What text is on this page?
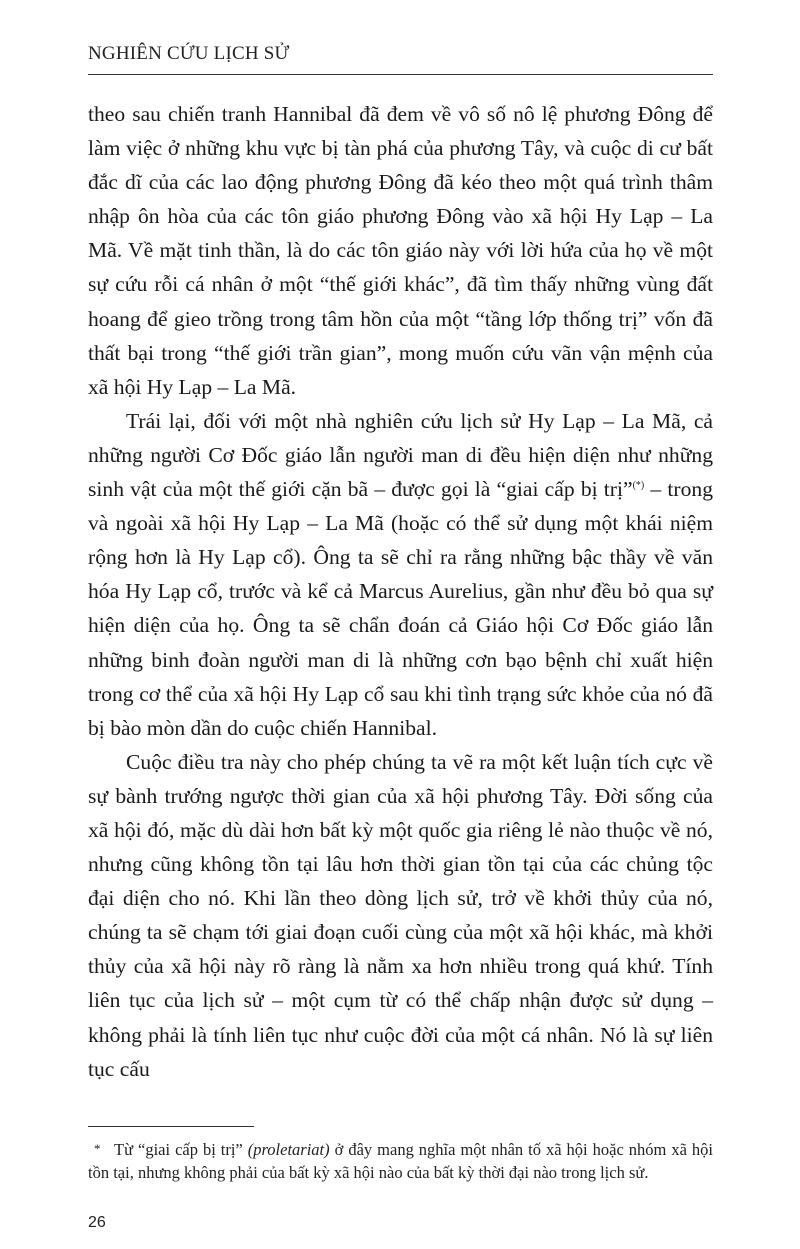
NGHIÊN CỨU LỊCH SỬ

theo sau chiến tranh Hannibal đã đem về vô số nô lệ phương Đông để làm việc ở những khu vực bị tàn phá của phương Tây, và cuộc di cư bất đắc dĩ của các lao động phương Đông đã kéo theo một quá trình thâm nhập ôn hòa của các tôn giáo phương Đông vào xã hội Hy Lạp – La Mã. Về mặt tinh thần, là do các tôn giáo này với lời hứa của họ về một sự cứu rỗi cá nhân ở một “thế giới khác”, đã tìm thấy những vùng đất hoang để gieo trồng trong tâm hồn của một “tầng lớp thống trị” vốn đã thất bại trong “thế giới trần gian”, mong muốn cứu vãn vận mệnh của xã hội Hy Lạp – La Mã.

Trái lại, đối với một nhà nghiên cứu lịch sử Hy Lạp – La Mã, cả những người Cơ Đốc giáo lẫn người man di đều hiện diện như những sinh vật của một thế giới cặn bã – được gọi là “giai cấp bị trị”(*) – trong và ngoài xã hội Hy Lạp – La Mã (hoặc có thể sử dụng một khái niệm rộng hơn là Hy Lạp cổ). Ông ta sẽ chỉ ra rằng những bậc thầy về văn hóa Hy Lạp cổ, trước và kể cả Marcus Aurelius, gần như đều bỏ qua sự hiện diện của họ. Ông ta sẽ chẩn đoán cả Giáo hội Cơ Đốc giáo lẫn những binh đoàn người man di là những cơn bạo bệnh chỉ xuất hiện trong cơ thể của xã hội Hy Lạp cổ sau khi tình trạng sức khỏe của nó đã bị bào mòn dần do cuộc chiến Hannibal.

Cuộc điều tra này cho phép chúng ta vẽ ra một kết luận tích cực về sự bành trướng ngược thời gian của xã hội phương Tây. Đời sống của xã hội đó, mặc dù dài hơn bất kỳ một quốc gia riêng lẻ nào thuộc về nó, nhưng cũng không tồn tại lâu hơn thời gian tồn tại của các chủng tộc đại diện cho nó. Khi lần theo dòng lịch sử, trở về khởi thủy của nó, chúng ta sẽ chạm tới giai đoạn cuối cùng của một xã hội khác, mà khởi thủy của xã hội này rõ ràng là nằm xa hơn nhiều trong quá khứ. Tính liên tục của lịch sử – một cụm từ có thể chấp nhận được sử dụng – không phải là tính liên tục như cuộc đời của một cá nhân. Nó là sự liên tục cấu

* Từ “giai cấp bị trị” (proletariat) ở đây mang nghĩa một nhân tố xã hội hoặc nhóm xã hội tồn tại, nhưng không phải của bất kỳ xã hội nào của bất kỳ thời đại nào trong lịch sử.
26
